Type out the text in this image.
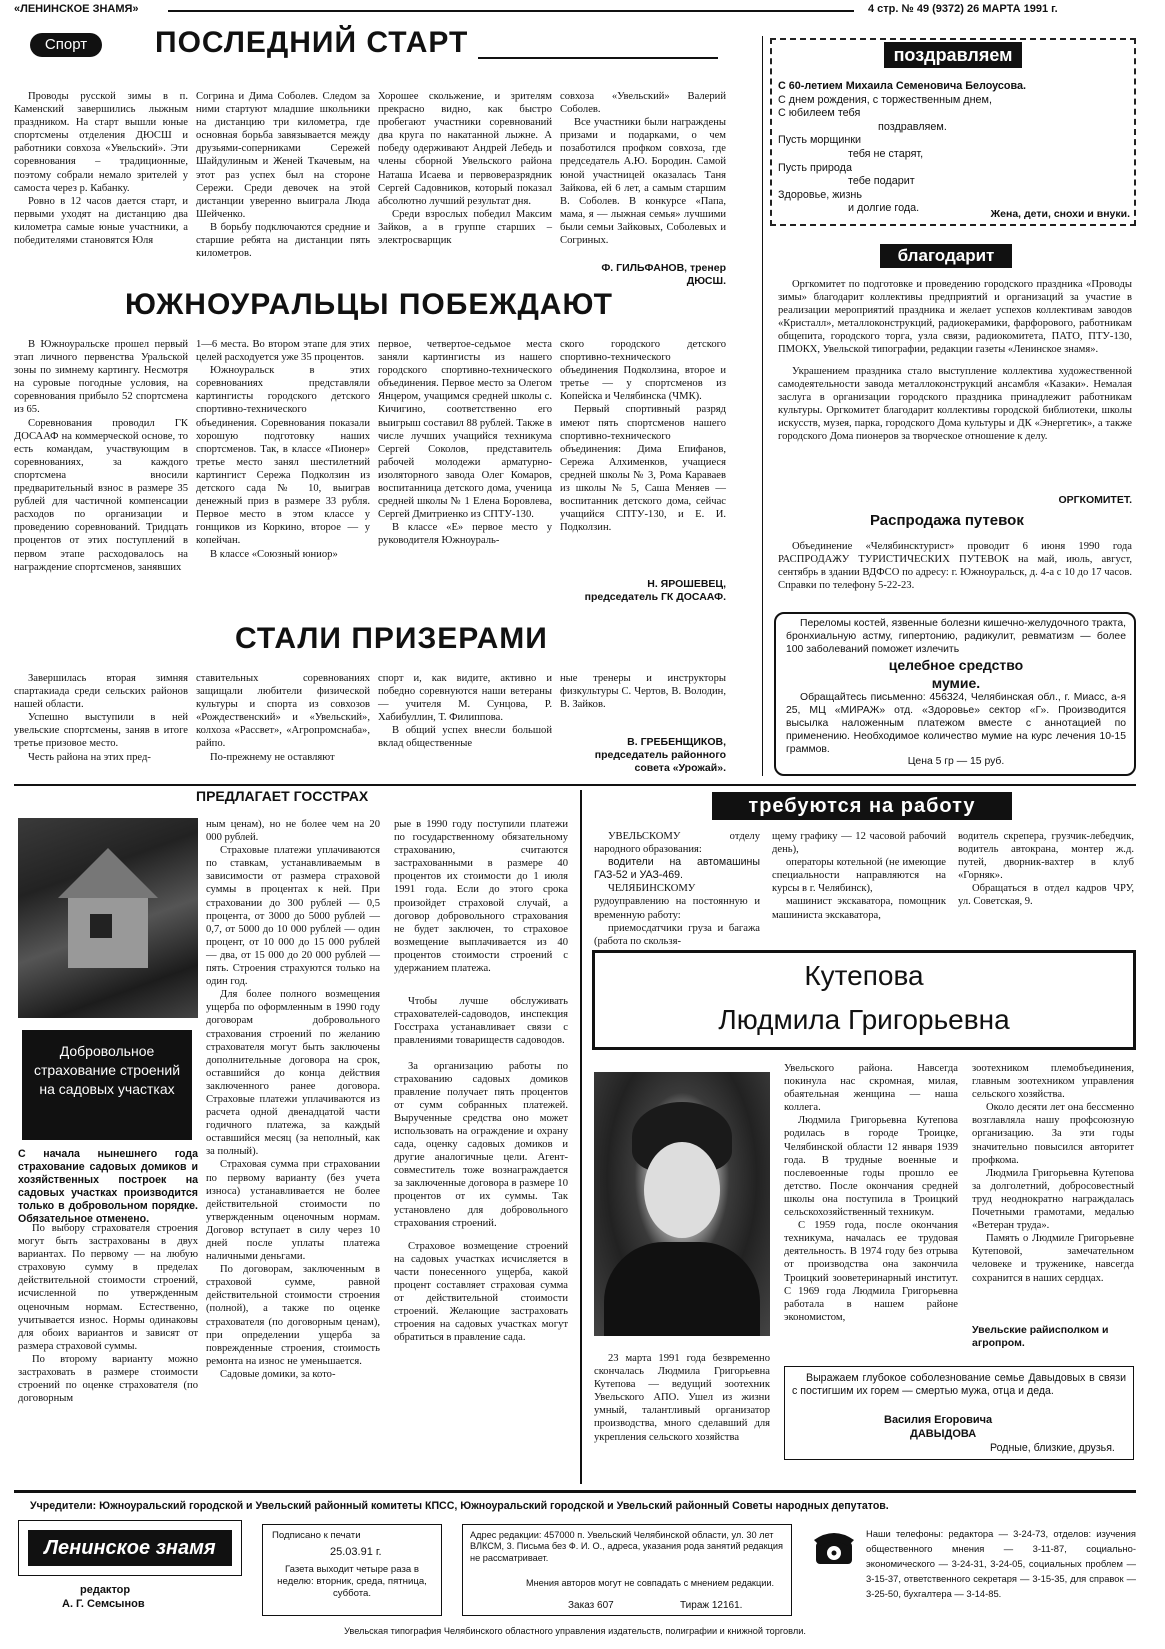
«ЛЕНИНСКОЕ ЗНАМЯ»	4 стр. № 49 (9372) 26 МАРТА 1991 г.
Спорт	ПОСЛЕДНИЙ СТАРТ

Проводы русской зимы в п. Каменский завершились лыжным праздником. На старт вышли юные спортсмены отделения ДЮСШ и работники совхоза «Увельский». Эти соревнования – традиционные, поэтому собрали немало зрителей у самоста через р. Кабанку.

Ровно в 12 часов дается старт, и первыми уходят на дистанцию два километра самые юные участники, а победителями становятся Юля

Согрина и Дима Соболев. Следом за ними стартуют младшие школьники на дистанцию три километра, где основная борьба завязывается между друзьями-соперниками Сережей Шайдулиным и Женей Ткачевым, на этот раз успех был на стороне Сережи. Среди девочек на этой дистанции уверенно выиграла Люда Шейченко.

В борьбу подключаются средние и старшие ребята на дистанции пять километров.

Хорошее скольжение, и зрителям прекрасно видно, как быстро пробегают участники соревнований два круга по накатанной лыжне. А победу одерживают Андрей Лебедь и члены сборной Увельского района Наташа Исаева и первоверазрядник Сергей Садовников, который показал абсолютно лучший результат дня.

Среди взрослых победил Максим Зайков, а в группе старших – электросварщик

совхоза «Увельский» Валерий Соболев.

Все участники были награждены призами и подарками, о чем позаботился профком совхоза, где председатель А.Ю. Бородин. Самой юной участницей оказалась Таня Зайкова, ей 6 лет, а самым старшим В. Соболев. В конкурсе «Папа, мама, я — лыжная семья» лучшими были семьи Зайковых, Соболевых и Согриных.

Ф. ГИЛЬФАНОВ, тренер ДЮСШ.
ЮЖНОУРАЛЬЦЫ ПОБЕЖДАЮТ

В Южноуральске прошел первый этап личного первенства Уральской зоны по зимнему картингу. Несмотря на суровые погодные условия, на соревнования прибыло 52 спортсмена из 65.

Соревнования проводил ГК ДОСААФ на коммерческой основе, то есть командам, участвующим в соревнованиях, за каждого спортсмена вносили предварительный взнос в размере 35 рублей для частичной компенсации расходов по организации и проведению соревнований. Тридцать процентов от этих поступлений в первом этапе расходовалось на награждение спортсменов, занявших

1—6 места. Во втором этапе для этих целей расходуется уже 35 процентов.

Южноуральск в этих соревнованиях представляли картингисты городского детского спортивно-технического объединения. Соревнования показали хорошую подготовку наших спортсменов. Так, в классе «Пионер» третье место занял шестилетний картингист Сережа Подколзин из детского сада № 10, выиграв денежный приз в размере 33 рубля. Первое место в этом классе у гонщиков из Коркино, второе — у копейчан.

В классе «Союзный юниор»

первое, четвертое-седьмое места заняли картингисты из нашего городского спортивно-технического объединения. Первое место за Олегом Янцером, учащимся средней школы с. Кичигино, соответственно его выигрыш составил 88 рублей. Также в числе лучших учащийся техникума Сергей Соколов, представитель рабочей молодежи арматурно-изоляторного завода Олег Комаров, воспитанница детского дома, ученица средней школы № 1 Елена Боровлева, Сергей Дмитриенко из СПТУ-130.

В классе «Е» первое место у руководителя Южноураль-

ского городского детского спортивно-технического объединения Подколзина, второе и третье — у спортсменов из Копейска и Челябинска (ЧМК).

Первый спортивный разряд имеют пять спортсменов нашего спортивно-технического объединения: Дима Епифанов, Сережа Алхименков, учащиеся средней школы № 3, Рома Караваев из школы № 5, Саша Меняев — воспитанник детского дома, сейчас учащийся СПТУ-130, и Е. И. Подколзин.

Н. ЯРОШЕВЕЦ, председатель ГК ДОСААФ.
СТАЛИ ПРИЗЕРАМИ

Завершилась вторая зимняя спартакиада среди сельских районов нашей области.

Успешно выступили в ней увельские спортсмены, заняв в итоге третье призовое место.

Честь района на этих пред-

ставительных соревнованиях защищали любители физической культуры и спорта из совхозов «Рождественский» и «Увельский», колхоза «Рассвет», «Агропромснаба», райпо.

По-прежнему не оставляют

спорт и, как видите, активно и победно соревнуются наши ветераны — учителя М. Сунцова, Р. Хабибуллин, Т. Филиппова.

В общий успех внесли большой вклад общественные

ные тренеры и инструкторы физкультуры С. Чертов, В. Володин, В. Зайков.

В. ГРЕБЕНЩИКОВ, председатель районного совета «Урожай».
поздравляем
С 60-летием Михаила Семеновича Белоусова.
С днем рождения, с торжественным днем,
С юбилеем тебя
поздравляем.
Пусть морщинки
тебя не старят,
Пусть природа
тебе подарит
Здоровье, жизнь
и долгие года.	Жена, дети, снохи и внуки.
благодарит

Оргкомитет по подготовке и проведению городского праздника «Проводы зимы» благодарит коллективы предприятий и организаций за участие в реализации мероприятий праздника и желает успехов коллективам заводов «Кристалл», металлоконструкций, радиокерамики, фарфорового, работникам общепита, городского торга, узла связи, радиокомитета, ПАТО, ПТУ-130, ПМОКХ, Увельской типографии, редакции газеты «Ленинское знамя».

Украшением праздника стало выступление коллектива художественной самодеятельности завода металлоконструкций ансамбля «Казаки». Немалая заслуга в организации городского праздника принадлежит работникам культуры. Оргкомитет благодарит коллективы городской библиотеки, школы искусств, музея, парка, городского Дома культуры и ДК «Энергетик», а также городского Дома пионеров за творческое отношение к делу.

ОРГКОМИТЕТ.
Распродажа путевок

Объединение «Челябинсктурист» проводит 6 июня 1990 года РАСПРОДАЖУ ТУРИСТИЧЕСКИХ ПУТЕВОК на май, июль, август, сентябрь в здании ВДФСО по адресу: г. Южноуральск, д. 4-а с 10 до 17 часов. Справки по телефону 5-22-23.

Переломы костей, язвенные болезни кишечно-желудочного тракта, бронхиальную астму, гипертонию, радикулит, ревматизм — более 100 заболеваний поможет излечить

целебное средство
мумие.

Обращайтесь письменно: 456324, Челябинская обл., г. Миасс, а-я 25, МЦ «МИРАЖ» отд. «Здоровье» сектор «Г». Производится высылка наложенным платежом вместе с аннотацией по применению. Необходимое количество мумие на курс лечения 10-15 граммов.

Цена 5 гр — 15 руб.
ПРЕДЛАГАЕТ ГОССТРАХ
Добровольное страхование строений на садовых участках

С начала нынешнего года страхование садовых домиков и хозяйственных построек на садовых участках производится только в добровольном порядке. Обязательное отменено.

По выбору страхователя строения могут быть застрахованы в двух вариантах. По первому — на любую страховую сумму в пределах действительной стоимости строений, исчисленной по утвержденным оценочным нормам. Естественно, учитывается износ. Нормы одинаковы для обоих вариантов и зависят от размера страховой суммы.

По второму варианту можно застраховать в размере стоимости строений по оценке страхователя (по договорным

ным ценам), но не более чем на 20 000 рублей.

Страховые платежи уплачиваются по ставкам, устанавливаемым в зависимости от размера страховой суммы в процентах к ней. При страховании до 300 рублей — 0,5 процента, от 3000 до 5000 рублей — 0,7, от 5000 до 10 000 рублей — один процент, от 10 000 до 15 000 рублей — два, от 15 000 до 20 000 рублей — пять. Строения страхуются только на один год.

Для более полного возмещения ущерба по оформленным в 1990 году договорам добровольного страхования строений по желанию страхователя могут быть заключены дополнительные договора на срок, оставшийся до конца действия заключенного ранее договора. Страховые платежи уплачиваются из расчета одной двенадцатой части годичного платежа, за каждый оставшийся месяц (за неполный, как за полный).

Страховая сумма при страховании по первому варианту (без учета износа) устанавливается не более действительной стоимости по утвержденным оценочным нормам. Договор вступает в силу через 10 дней после уплаты платежа наличными деньгами.

По договорам, заключенным в страховой сумме, равной действительной стоимости строения (полной), а также по оценке страхователя (по договорным ценам), при определении ущерба за поврежденные строения, стоимость ремонта на износ не уменьшается.

Садовые домики, за кото-

рые в 1990 году поступили платежи по государственному обязательному страхованию, считаются застрахованными в размере 40 процентов их стоимости до 1 июля 1991 года. Если до этого срока произойдет страховой случай, а договор добровольного страхования не будет заключен, то страховое возмещение выплачивается из 40 процентов стоимости строений с удержанием платежа.

Чтобы лучше обслуживать страхователей-садоводов, инспекция Госстраха устанавливает связи с правлениями товариществ садоводов.

За организацию работы по страхованию садовых домиков правление получает пять процентов от сумм собранных платежей. Вырученные средства оно может использовать на ограждение и охрану сада, оценку садовых домиков и другие аналогичные цели. Агент-совместитель тоже вознаграждается за заключенные договора в размере 10 процентов от их суммы. Так установлено для добровольного страхования строений.

Страховое возмещение строений на садовых участках исчисляется в части понесенного ущерба, какой процент составляет страховая сумма от действительной стоимости строений. Желающие застраховать строения на садовых участках могут обратиться в правление сада.

требуются на работу

УВЕЛЬСКОМУ отделу народного образования:

водители на автомашины ГАЗ-52 и УАЗ-469.

ЧЕЛЯБИНСКОМУ рудоуправлению на постоянную и временную работу:

приемосдатчики груза и багажа (работа по скользя-

щему графику — 12 часовой рабочий день),

операторы котельной (не имеющие специальности направляются на курсы в г. Челябинск),

машинист экскаватора, помощник машиниста экскаватора,

водитель скрепера, грузчик-лебедчик, водитель автокрана, монтер ж.д. путей, дворник-вахтер в клуб «Горняк».

Обращаться в отдел кадров ЧРУ, ул. Советская, 9.

Кутепова
Людмила Григорьевна

23 марта 1991 года безвременно скончалась Людмила Григорьевна Кутепова — ведущий зоотехник Увельского АПО. Ушел из жизни умный, талантливый организатор производства, много сделавший для укрепления сельского хозяйства

Увельского района. Навсегда покинула нас скромная, милая, обаятельная женщина — наша коллега.

Людмила Григорьевна Кутепова родилась в городе Троицке, Челябинской области 12 января 1939 года. В трудные военные и послевоенные годы прошло ее детство. После окончания средней школы она поступила в Троицкий сельскохозяйственный техникум.

С 1959 года, после окончания техникума, началась ее трудовая деятельность. В 1974 году без отрыва от производства она закончила Троицкий зооветеринарный институт. С 1969 года Людмила Григорьевна работала в нашем районе экономистом,

зоотехником племобъединения, главным зоотехником управления сельского хозяйства.

Около десяти лет она бессменно возглавляла нашу профсоюзную организацию. За эти годы значительно повысился авторитет профкома.

Людмила Григорьевна Кутепова за долголетний, добросовестный труд неоднократно награждалась Почетными грамотами, медалью «Ветеран труда».

Память о Людмиле Григорьевне Кутеповой, замечательном человеке и труженике, навсегда сохранится в наших сердцах.

Увельские райисполком и агропром.

Выражаем глубокое соболезнование семье Давыдовых в связи с постигшим их горем — смертью мужа, отца и деда.

Василия Егоровича
ДАВЫДОВА
Родные, близкие, друзья.
Учредители: Южноуральский городской и Увельский районный комитеты КПСС, Южноуральский городской и Увельский районный Советы народных депутатов.
Ленинское знамя
редактор
А. Г. Семсынов
Подписано к печати
25.03.91 г.
Газета выходит четыре раза в неделю: вторник, среда, пятница, суббота.
Адрес редакции: 457000 п. Увельский Челябинской области, ул. 30 лет ВЛКСМ, 3. Письма без Ф. И. О., адреса, указания рода занятий редакция не рассматривает.
Мнения авторов могут не совпадать с мнением редакции.
Заказ 607	Тираж 12161.
Наши телефоны: редактора — 3-24-73, отделов: изучения общественного мнения — 3-11-87, социально-экономического — 3-24-31, 3-24-05, социальных проблем — 3-15-37, ответственного секретаря — 3-15-35, для справок — 3-25-50, бухгалтера — 3-14-85.
Увельская типография Челябинского областного управления издательств, полиграфии и книжной торговли.
